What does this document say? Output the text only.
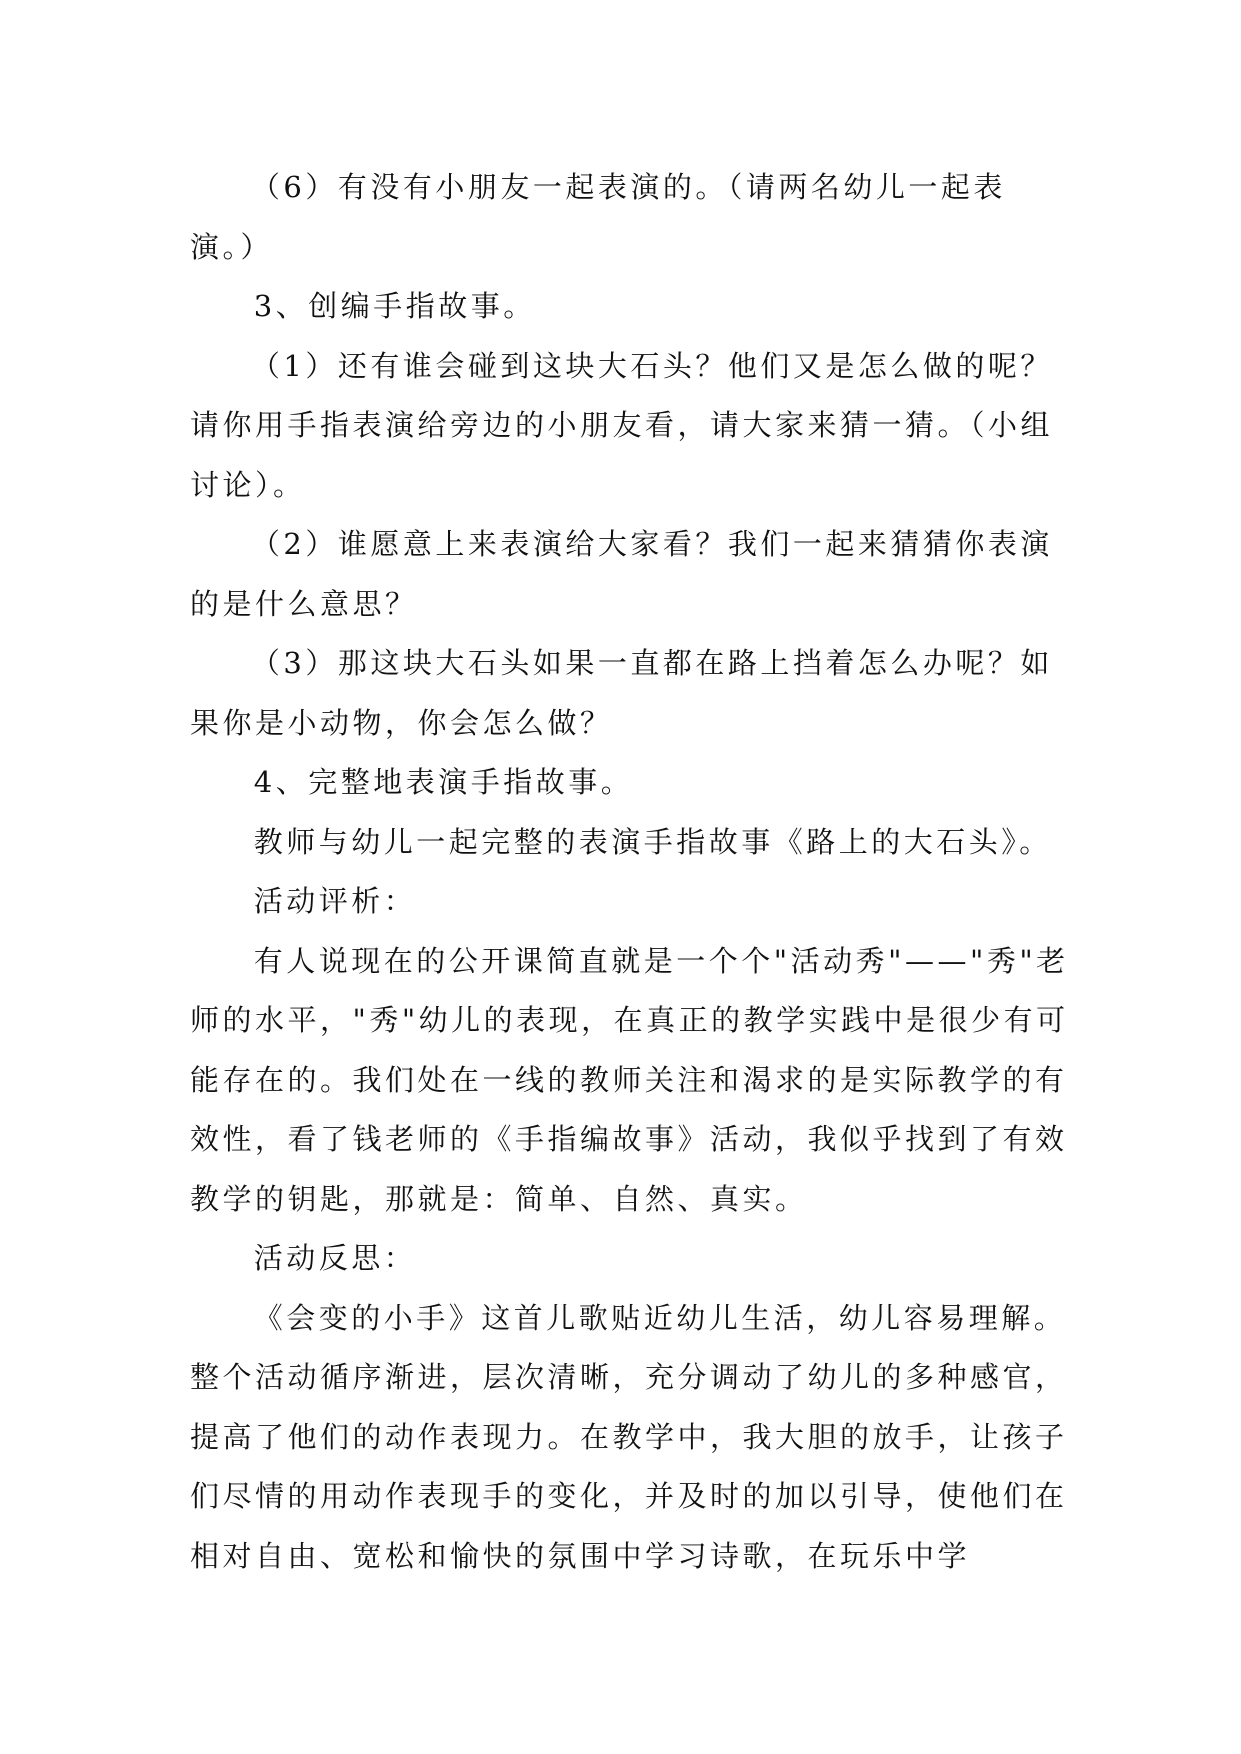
（6）有没有小朋友一起表演的。（请两名幼儿一起表演。）

3、创编手指故事。

（1）还有谁会碰到这块大石头？他们又是怎么做的呢？请你用手指表演给旁边的小朋友看，请大家来猜一猜。（小组讨论）。

（2）谁愿意上来表演给大家看？我们一起来猜猜你表演的是什么意思？

（3）那这块大石头如果一直都在路上挡着怎么办呢？如果你是小动物，你会怎么做？

4、完整地表演手指故事。

教师与幼儿一起完整的表演手指故事《路上的大石头》。

活动评析：

有人说现在的公开课简直就是一个个"活动秀"——"秀"老师的水平，"秀"幼儿的表现，在真正的教学实践中是很少有可能存在的。我们处在一线的教师关注和渴求的是实际教学的有效性，看了钱老师的《手指编故事》活动，我似乎找到了有效教学的钥匙，那就是：简单、自然、真实。

活动反思：

《会变的小手》这首儿歌贴近幼儿生活，幼儿容易理解。整个活动循序渐进，层次清晰，充分调动了幼儿的多种感官，提高了他们的动作表现力。在教学中，我大胆的放手，让孩子们尽情的用动作表现手的变化，并及时的加以引导，使他们在相对自由、宽松和愉快的氛围中学习诗歌，在玩乐中学
